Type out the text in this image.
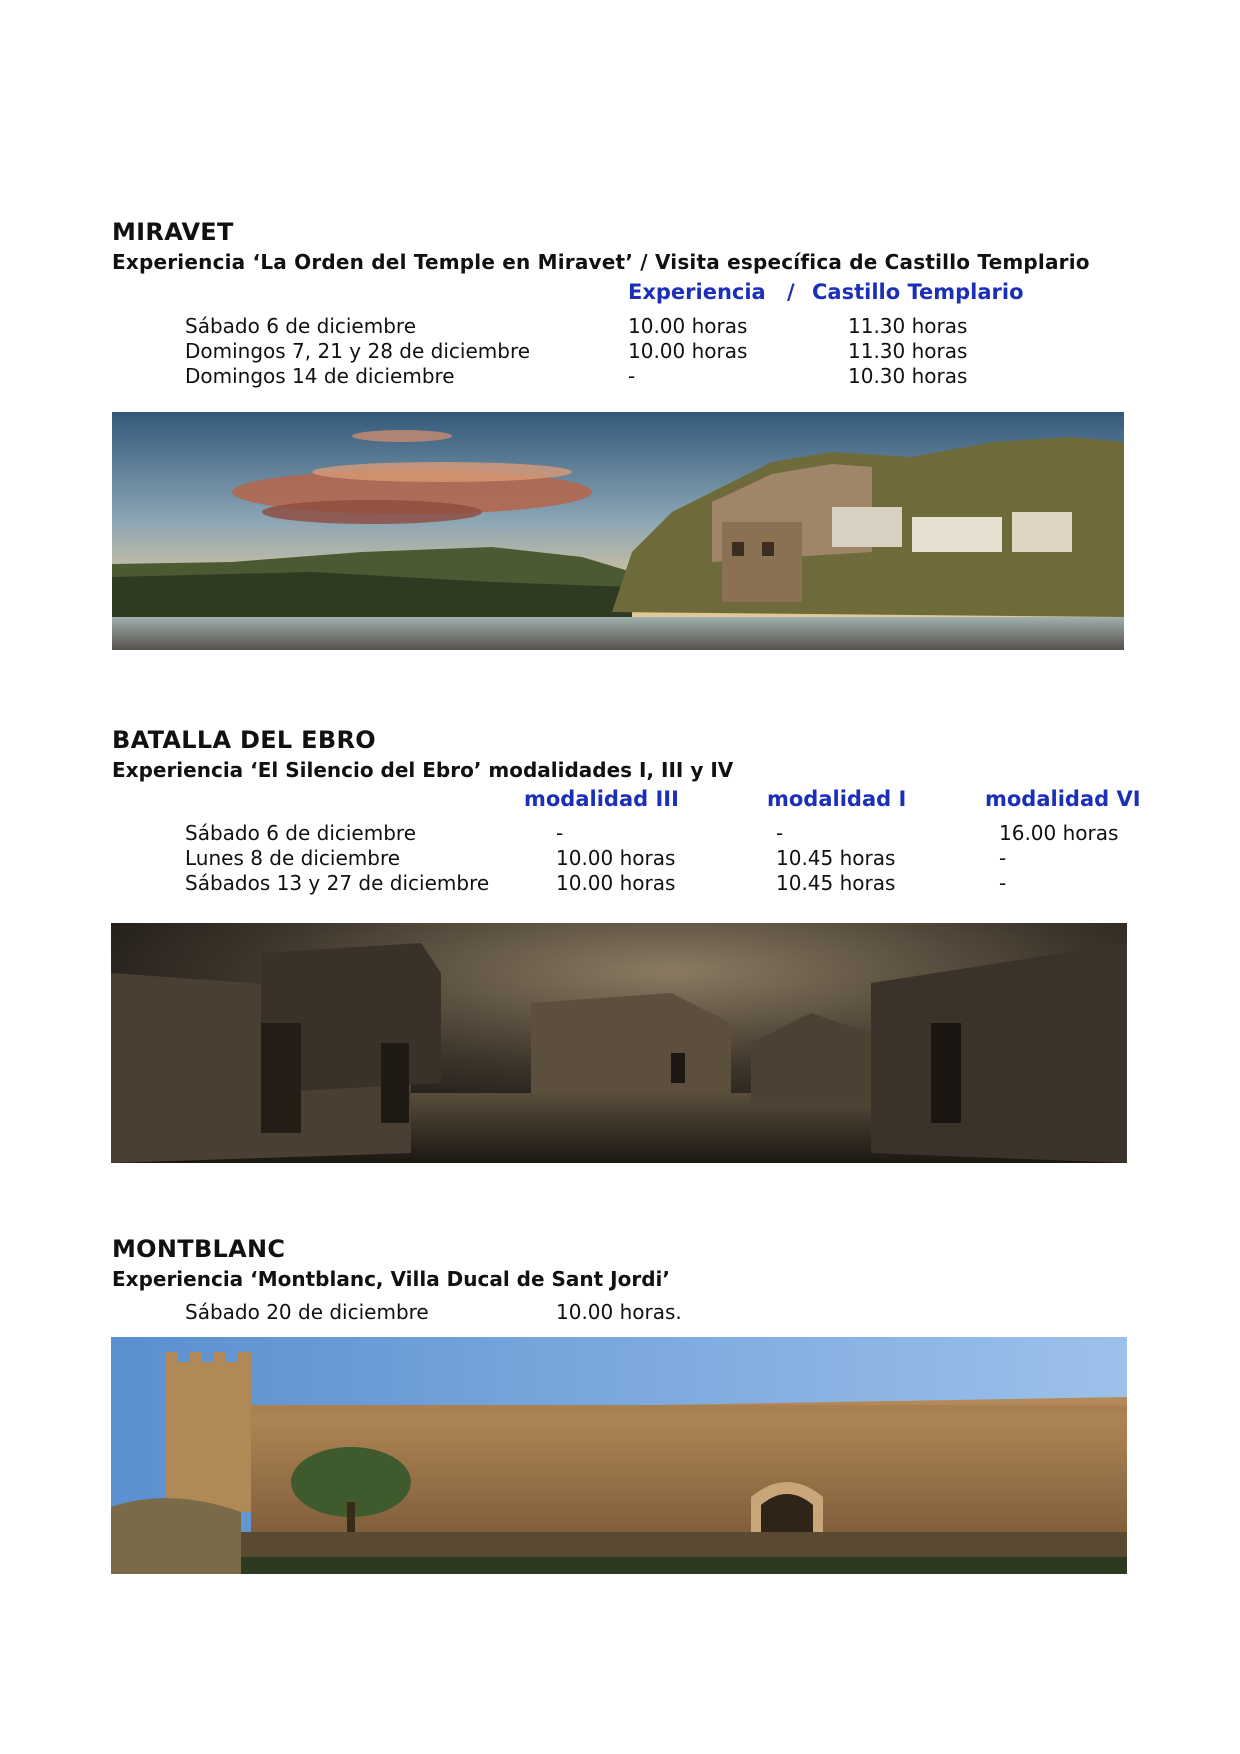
MIRAVET

Experiencia ‘La Orden del Temple en Miravet’ / Visita específica de Castillo Templario

Experiencia / Castillo Templario
Sábado 6 de diciembre	10.00 horas	11.30 horas
Domingos 7, 21 y 28 de diciembre	10.00 horas	11.30 horas
Domingos 14 de diciembre	-	10.30 horas
BATALLA DEL EBRO

Experiencia ‘El Silencio del Ebro’ modalidades I, III y IV

modalidad III	modalidad I	modalidad VI
Sábado 6 de diciembre	-	-	16.00 horas
Lunes 8 de diciembre	10.00 horas	10.45 horas	-
Sábados 13 y 27 de diciembre	10.00 horas	10.45 horas	-
MONTBLANC

Experiencia ‘Montblanc, Villa Ducal de Sant Jordi’

Sábado 20 de diciembre	10.00 horas.
